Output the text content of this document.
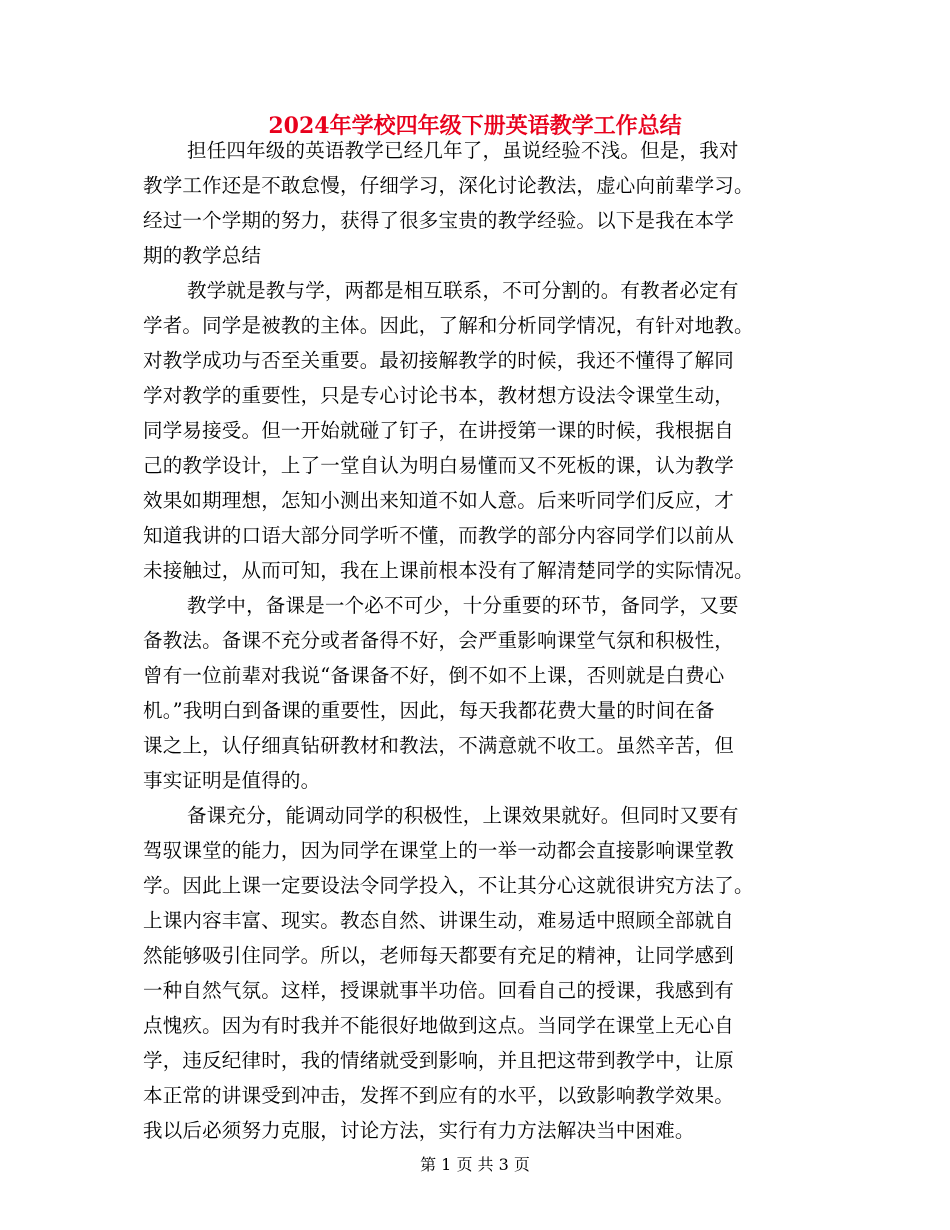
2024年学校四年级下册英语教学工作总结
担任四年级的英语教学已经几年了，虽说经验不浅。但是，我对
教学工作还是不敢怠慢，仔细学习，深化讨论教法，虚心向前辈学习。
经过一个学期的努力，获得了很多宝贵的教学经验。以下是我在本学
期的教学总结
教学就是教与学，两都是相互联系，不可分割的。有教者必定有
学者。同学是被教的主体。因此，了解和分析同学情况，有针对地教。
对教学成功与否至关重要。最初接解教学的时候，我还不懂得了解同
学对教学的重要性，只是专心讨论书本，教材想方设法令课堂生动，
同学易接受。但一开始就碰了钉子，在讲授第一课的时候，我根据自
己的教学设计，上了一堂自认为明白易懂而又不死板的课，认为教学
效果如期理想，怎知小测出来知道不如人意。后来听同学们反应，才
知道我讲的口语大部分同学听不懂，而教学的部分内容同学们以前从
未接触过，从而可知，我在上课前根本没有了解清楚同学的实际情况。
教学中，备课是一个必不可少，十分重要的环节，备同学，又要
备教法。备课不充分或者备得不好，会严重影响课堂气氛和积极性，
曾有一位前辈对我说“备课备不好，倒不如不上课，否则就是白费心
机。”我明白到备课的重要性，因此，每天我都花费大量的时间在备
课之上，认仔细真钻研教材和教法，不满意就不收工。虽然辛苦，但
事实证明是值得的。
备课充分，能调动同学的积极性，上课效果就好。但同时又要有
驾驭课堂的能力，因为同学在课堂上的一举一动都会直接影响课堂教
学。因此上课一定要设法令同学投入，不让其分心这就很讲究方法了。
上课内容丰富、现实。教态自然、讲课生动，难易适中照顾全部就自
然能够吸引住同学。所以，老师每天都要有充足的精神，让同学感到
一种自然气氛。这样，授课就事半功倍。回看自己的授课，我感到有
点愧疚。因为有时我并不能很好地做到这点。当同学在课堂上无心自
学，违反纪律时，我的情绪就受到影响，并且把这带到教学中，让原
本正常的讲课受到冲击，发挥不到应有的水平，以致影响教学效果。
我以后必须努力克服，讨论方法，实行有力方法解决当中困难。
第 1 页 共 3 页
